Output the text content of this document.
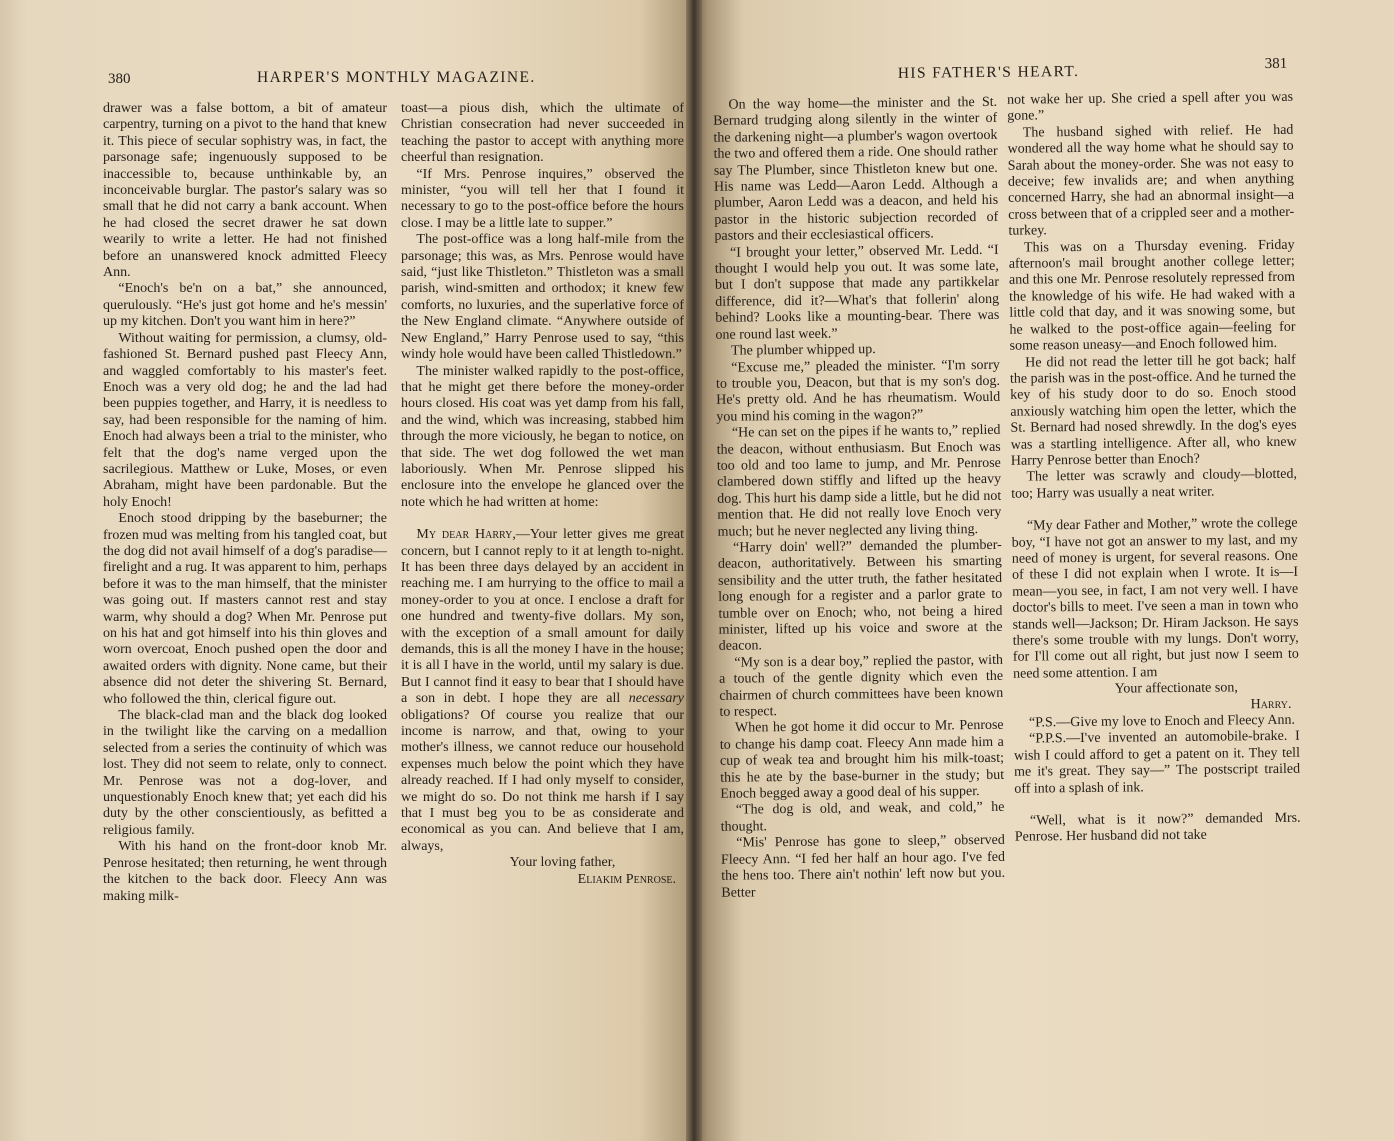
380	HARPER'S MONTHLY MAGAZINE.

drawer was a false bottom, a bit of amateur carpentry, turning on a pivot to the hand that knew it. This piece of secular sophistry was, in fact, the parsonage safe; ingenuously supposed to be inaccessible to, because unthinkable by, an inconceivable burglar. The pastor's salary was so small that he did not carry a bank account. When he had closed the secret drawer he sat down wearily to write a letter. He had not finished before an unanswered knock admitted Fleecy Ann.

“Enoch's be'n on a bat,” she announced, querulously. “He's just got home and he's messin' up my kitchen. Don't you want him in here?”

Without waiting for permission, a clumsy, old-fashioned St. Bernard pushed past Fleecy Ann, and waggled comfortably to his master's feet. Enoch was a very old dog; he and the lad had been puppies together, and Harry, it is needless to say, had been responsible for the naming of him. Enoch had always been a trial to the minister, who felt that the dog's name verged upon the sacrilegious. Matthew or Luke, Moses, or even Abraham, might have been pardonable. But the holy Enoch!

Enoch stood dripping by the baseburner; the frozen mud was melting from his tangled coat, but the dog did not avail himself of a dog's paradise—firelight and a rug. It was apparent to him, perhaps before it was to the man himself, that the minister was going out. If masters cannot rest and stay warm, why should a dog? When Mr. Penrose put on his hat and got himself into his thin gloves and worn overcoat, Enoch pushed open the door and awaited orders with dignity. None came, but their absence did not deter the shivering St. Bernard, who followed the thin, clerical figure out.

The black-clad man and the black dog looked in the twilight like the carving on a medallion selected from a series the continuity of which was lost. They did not seem to relate, only to connect. Mr. Penrose was not a dog-lover, and unquestionably Enoch knew that; yet each did his duty by the other conscientiously, as befitted a religious family.

With his hand on the front-door knob Mr. Penrose hesitated; then returning, he went through the kitchen to the back door. Fleecy Ann was making milk-

toast—a pious dish, which the ultimate of Christian consecration had never succeeded in teaching the pastor to accept with anything more cheerful than resignation.

“If Mrs. Penrose inquires,” observed the minister, “you will tell her that I found it necessary to go to the post-office before the hours close. I may be a little late to supper.”

The post-office was a long half-mile from the parsonage; this was, as Mrs. Penrose would have said, “just like Thistleton.” Thistleton was a small parish, wind-smitten and orthodox; it knew few comforts, no luxuries, and the superlative force of the New England climate. “Anywhere outside of New England,” Harry Penrose used to say, “this windy hole would have been called Thistledown.”

The minister walked rapidly to the post-office, that he might get there before the money-order hours closed. His coat was yet damp from his fall, and the wind, which was increasing, stabbed him through the more viciously, he began to notice, on that side. The wet dog followed the wet man laboriously. When Mr. Penrose slipped his enclosure into the envelope he glanced over the note which he had written at home:

My dear Harry,—Your letter gives me great concern, but I cannot reply to it at length to-night. It has been three days delayed by an accident in reaching me. I am hurrying to the office to mail a money-order to you at once. I enclose a draft for one hundred and twenty-five dollars. My son, with the exception of a small amount for daily demands, this is all the money I have in the house; it is all I have in the world, until my salary is due. But I cannot find it easy to bear that I should have a son in debt. I hope they are all necessary obligations? Of course you realize that our income is narrow, and that, owing to your mother's illness, we cannot reduce our household expenses much below the point which they have already reached. If I had only myself to consider, we might do so. Do not think me harsh if I say that I must beg you to be as considerate and economical as you can. And believe that I am, always,

Your loving father,

Eliakim Penrose.

HIS FATHER'S HEART.	381

On the way home—the minister and the St. Bernard trudging along silently in the winter of the darkening night—a plumber's wagon overtook the two and offered them a ride. One should rather say The Plumber, since Thistleton knew but one. His name was Ledd—Aaron Ledd. Although a plumber, Aaron Ledd was a deacon, and held his pastor in the historic subjection recorded of pastors and their ecclesiastical officers.

“I brought your letter,” observed Mr. Ledd. “I thought I would help you out. It was some late, but I don't suppose that made any partikkelar difference, did it?—What's that follerin' along behind? Looks like a mounting-bear. There was one round last week.”

The plumber whipped up.

“Excuse me,” pleaded the minister. “I'm sorry to trouble you, Deacon, but that is my son's dog. He's pretty old. And he has rheumatism. Would you mind his coming in the wagon?”

“He can set on the pipes if he wants to,” replied the deacon, without enthusiasm. But Enoch was too old and too lame to jump, and Mr. Penrose clambered down stiffly and lifted up the heavy dog. This hurt his damp side a little, but he did not mention that. He did not really love Enoch very much; but he never neglected any living thing.

“Harry doin' well?” demanded the plumber-deacon, authoritatively. Between his smarting sensibility and the utter truth, the father hesitated long enough for a register and a parlor grate to tumble over on Enoch; who, not being a hired minister, lifted up his voice and swore at the deacon.

“My son is a dear boy,” replied the pastor, with a touch of the gentle dignity which even the chairmen of church committees have been known to respect.

When he got home it did occur to Mr. Penrose to change his damp coat. Fleecy Ann made him a cup of weak tea and brought him his milk-toast; this he ate by the base-burner in the study; but Enoch begged away a good deal of his supper.

“The dog is old, and weak, and cold,” he thought.

“Mis' Penrose has gone to sleep,” observed Fleecy Ann. “I fed her half an hour ago. I've fed the hens too. There ain't nothin' left now but you. Better

not wake her up. She cried a spell after you was gone.”

The husband sighed with relief. He had wondered all the way home what he should say to Sarah about the money-order. She was not easy to deceive; few invalids are; and when anything concerned Harry, she had an abnormal insight—a cross between that of a crippled seer and a mother-turkey.

This was on a Thursday evening. Friday afternoon's mail brought another college letter; and this one Mr. Penrose resolutely repressed from the knowledge of his wife. He had waked with a little cold that day, and it was snowing some, but he walked to the post-office again—feeling for some reason uneasy—and Enoch followed him.

He did not read the letter till he got back; half the parish was in the post-office. And he turned the key of his study door to do so. Enoch stood anxiously watching him open the letter, which the St. Bernard had nosed shrewdly. In the dog's eyes was a startling intelligence. After all, who knew Harry Penrose better than Enoch?

The letter was scrawly and cloudy—blotted, too; Harry was usually a neat writer.

“My dear Father and Mother,” wrote the college boy, “I have not got an answer to my last, and my need of money is urgent, for several reasons. One of these I did not explain when I wrote. It is—I mean—you see, in fact, I am not very well. I have doctor's bills to meet. I've seen a man in town who stands well—Jackson; Dr. Hiram Jackson. He says there's some trouble with my lungs. Don't worry, for I'll come out all right, but just now I seem to need some attention. I am

Your affectionate son,

Harry.

“P.S.—Give my love to Enoch and Fleecy Ann.

“P.P.S.—I've invented an automobile-brake. I wish I could afford to get a patent on it. They tell me it's great. They say—” The postscript trailed off into a splash of ink.

“Well, what is it now?” demanded Mrs. Penrose. Her husband did not take
